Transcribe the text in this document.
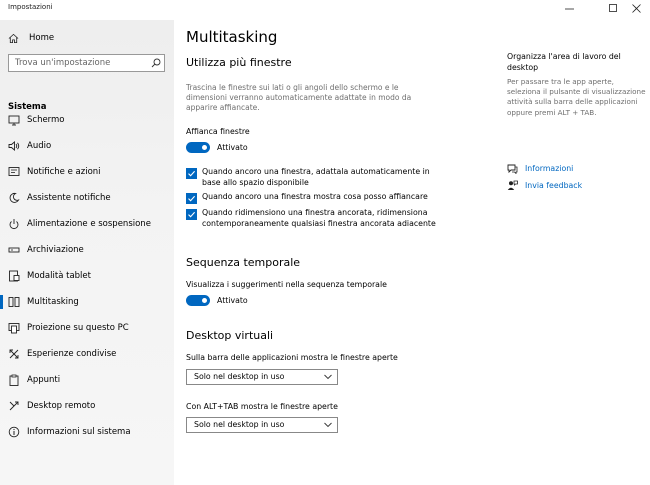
Impostazioni
Home
Trova un'impostazione
Sistema
Schermo
Audio
Notifiche e azioni
Assistente notifiche
Alimentazione e sospensione
Archiviazione
Modalità tablet
Multitasking
Proiezione su questo PC
Esperienze condivise
Appunti
Desktop remoto
Informazioni sul sistema
Multitasking
Utilizza più finestre
Trascina le finestre sui lati o gli angoli dello schermo e le dimensioni verranno automaticamente adattate in modo da apparire affiancate.
Affianca finestre
Attivato
Quando ancoro una finestra, adattala automaticamente in base allo spazio disponibile
Quando ancoro una finestra mostra cosa posso affiancare
Quando ridimensiono una finestra ancorata, ridimensiona contemporaneamente qualsiasi finestra ancorata adiacente
Sequenza temporale
Visualizza i suggerimenti nella sequenza temporale
Attivato
Desktop virtuali
Sulla barra delle applicazioni mostra le finestre aperte
Solo nel desktop in uso
Con ALT+TAB mostra le finestre aperte
Solo nel desktop in uso
Organizza l'area di lavoro del desktop
Per passare tra le app aperte, seleziona il pulsante di visualizzazione attività sulla barra delle applicazioni oppure premi ALT + TAB.
Informazioni
Invia feedback
